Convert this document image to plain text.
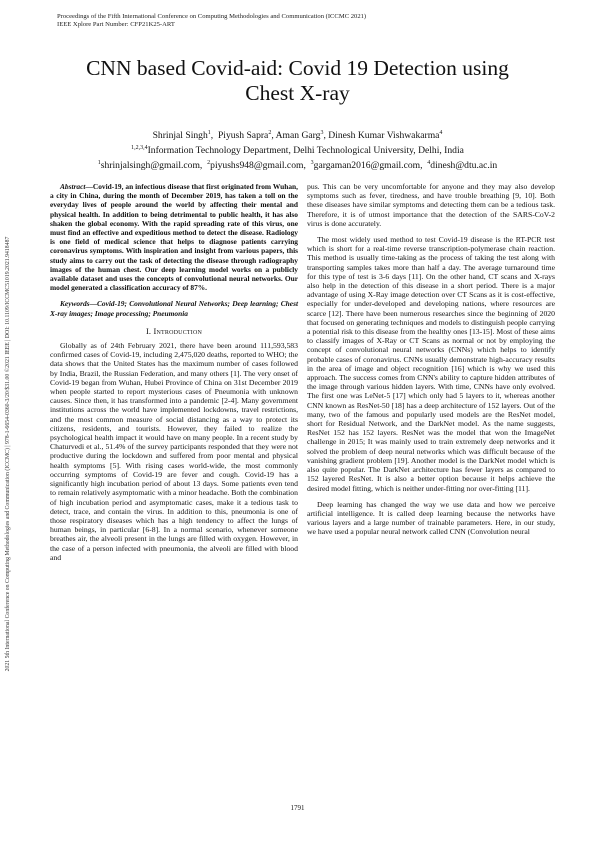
Proceedings of the Fifth International Conference on Computing Methodologies and Communication (ICCMC 2021)
IEEE Xplore Part Number: CFP21K25-ART
2021 5th International Conference on Computing Methodologies and Communication (ICCMC) | 978-1-6654-0360-3/20/$31.00 ©2021 IEEE | DOI: 10.1109/ICCMC51019.2021.9418487
CNN based Covid-aid: Covid 19 Detection using
Chest X-ray
Shrinjal Singh$^1$,  Piyush Sapra$^2$, Aman Garg$^3$, Dinesh Kumar Vishwakarma$^4$
$^{1,2,3,4}$Information Technology Department, Delhi Technological University, Delhi, India
$^1$shrinjalsingh@gmail.com, $^2$piyushs948@gmail.com, $^3$gargaman2016@gmail.com, $^4$dinesh@dtu.ac.in

Abstract—Covid-19, an infectious disease that first originated from Wuhan, a city in China, during the month of December 2019, has taken a toll on the everyday lives of people around the world by affecting their mental and physical health. In addition to being detrimental to public health, it has also shaken the global economy. With the rapid spreading rate of this virus, one must find an effective and expeditious method to detect the disease. Radiology is one field of medical science that helps to diagnose patients carrying coronavirus symptoms. With inspiration and insight from various papers, this study aims to carry out the task of detecting the disease through radiography images of the human chest. Our deep learning model works on a publicly available dataset and uses the concepts of convolutional neural networks. Our model generated a classification accuracy of 87%.

Keywords—Covid-19; Convolutional Neural Networks; Deep learning; Chest X-ray images; Image processing; Pneumonia

I. Introduction

Globally as of 24th February 2021, there have been around 111,593,583 confirmed cases of Covid-19, including 2,475,020 deaths, reported to WHO; the data shows that the United States has the maximum number of cases followed by India, Brazil, the Russian Federation, and many others [1]. The very onset of Covid-19 began from Wuhan, Hubei Province of China on 31st December 2019 when people started to report mysterious cases of Pneumonia with unknown causes. Since then, it has transformed into a pandemic [2-4]. Many government institutions across the world have implemented lockdowns, travel restrictions, and the most common measure of social distancing as a way to protect its citizens, residents, and tourists. However, they failed to realize the psychological health impact it would have on many people. In a recent study by Chaturvedi et al., 51.4% of the survey participants responded that they were not productive during the lockdown and suffered from poor mental and physical health symptoms [5]. With rising cases world-wide, the most commonly occurring symptoms of Covid-19 are fever and cough. Covid-19 has a significantly high incubation period of about 13 days. Some patients even tend to remain relatively asymptomatic with a minor headache. Both the combination of high incubation period and asymptomatic cases, make it a tedious task to detect, trace, and contain the virus. In addition to this, pneumonia is one of those respiratory diseases which has a high tendency to affect the lungs of human beings, in particular [6-8]. In a normal scenario, whenever someone breathes air, the alveoli present in the lungs are filled with oxygen. However, in the case of a person infected with pneumonia, the alveoli are filled with blood and

pus. This can be very uncomfortable for anyone and they may also develop symptoms such as fever, tiredness, and have trouble breathing [9, 10]. Both these diseases have similar symptoms and detecting them can be a tedious task. Therefore, it is of utmost importance that the detection of the SARS-CoV-2 virus is done accurately.

The most widely used method to test Covid-19 disease is the RT-PCR test which is short for a real-time reverse transcription-polymerase chain reaction. This method is usually time-taking as the process of taking the test along with transporting samples takes more than half a day. The average turnaround time for this type of test is 3-6 days [11]. On the other hand, CT scans and X-rays also help in the detection of this disease in a short period. There is a major advantage of using X-Ray image detection over CT Scans as it is cost-effective, especially for under-developed and developing nations, where resources are scarce [12]. There have been numerous researches since the beginning of 2020 that focused on generating techniques and models to distinguish people carrying a potential risk to this disease from the healthy ones [13-15]. Most of these aims to classify images of X-Ray or CT Scans as normal or not by employing the concept of convolutional neural networks (CNNs) which helps to identify probable cases of coronavirus. CNNs usually demonstrate high-accuracy results in the area of image and object recognition [16] which is why we used this approach. The success comes from CNN's ability to capture hidden attributes of the image through various hidden layers. With time, CNNs have only evolved. The first one was LeNet-5 [17] which only had 5 layers to it, whereas another CNN known as ResNet-50 [18] has a deep architecture of 152 layers. Out of the many, two of the famous and popularly used models are the ResNet model, short for Residual Network, and the DarkNet model. As the name suggests, ResNet 152 has 152 layers. ResNet was the model that won the ImageNet challenge in 2015; It was mainly used to train extremely deep networks and it solved the problem of deep neural networks which was difficult because of the vanishing gradient problem [19]. Another model is the DarkNet model which is also quite popular. The DarkNet architecture has fewer layers as compared to 152 layered ResNet. It is also a better option because it helps achieve the desired model fitting, which is neither under-fitting nor over-fitting [11].

Deep learning has changed the way we use data and how we perceive artificial intelligence. It is called deep learning because the networks have various layers and a large number of trainable parameters. Here, in our study, we have used a popular neural network called CNN (Convolution neural

1791
